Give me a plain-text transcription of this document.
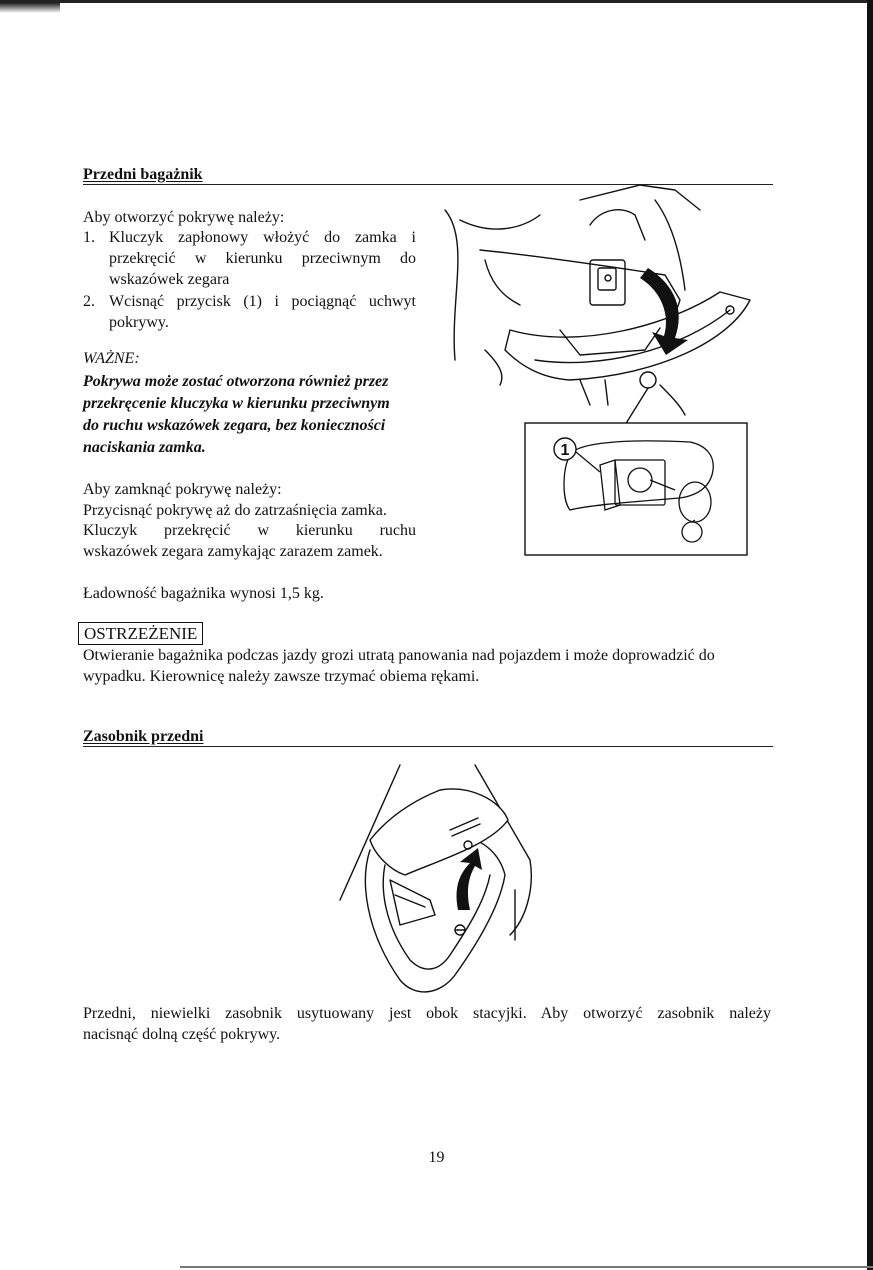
Przedni bagażnik
Aby otworzyć pokrywę należy:
1. Kluczyk zapłonowy włożyć do zamka i
przekręcić w kierunku przeciwnym do
wskazówek zegara
2. Wcisnąć przycisk (1) i pociągnąć uchwyt
pokrywy.
WAŻNE:
Pokrywa może zostać otworzona również przez
przekręcenie kluczyka w kierunku przeciwnym
do ruchu wskazówek zegara, bez konieczności
naciskania zamka.
Aby zamknąć pokrywę należy:
Przycisnąć pokrywę aż do zatrzaśnięcia zamka.
Kluczyk przekręcić w kierunku ruchu
wskazówek zegara zamykając zarazem zamek.
Ładowność bagażnika wynosi 1,5 kg.
1
OSTRZEŻENIE
Otwieranie bagażnika podczas jazdy grozi utratą panowania nad pojazdem i może doprowadzić do
wypadku. Kierownicę należy zawsze trzymać obiema rękami.
Zasobnik przedni
Przedni, niewielki zasobnik usytuowany jest obok stacyjki. Aby otworzyć zasobnik należy
nacisnąć dolną część pokrywy.
19
